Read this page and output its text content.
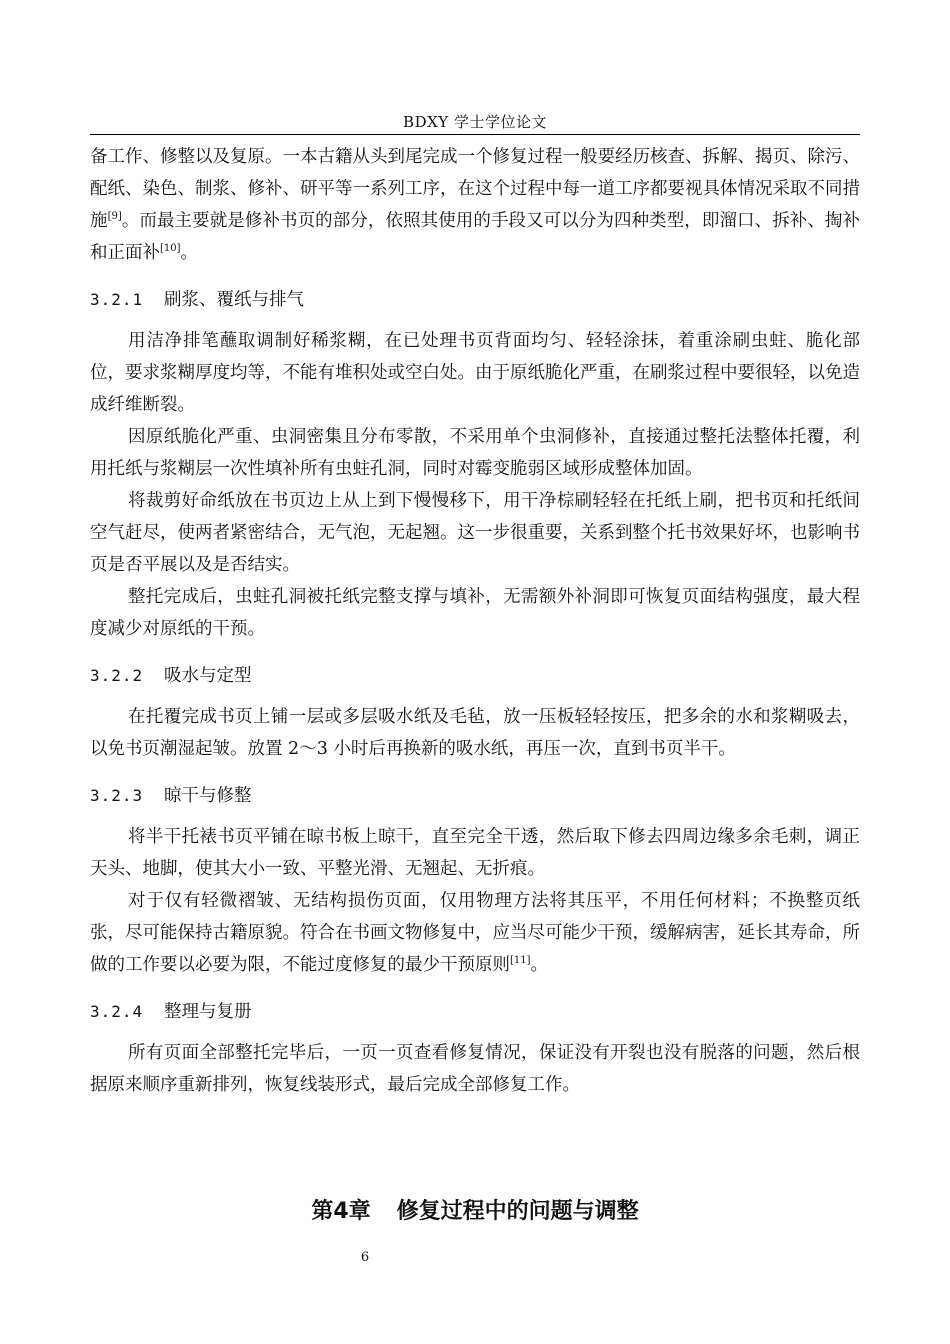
BDXY 学士学位论文

备工作、修整以及复原。一本古籍从头到尾完成一个修复过程一般要经历核查、拆解、揭页、除污、配纸、染色、制浆、修补、研平等一系列工序，在这个过程中每一道工序都要视具体情况采取不同措施[9]。而最主要就是修补书页的部分，依照其使用的手段又可以分为四种类型，即溜口、拆补、掏补和正面补[10]。

3.2.1	刷浆、覆纸与排气

用洁净排笔蘸取调制好稀浆糊，在已处理书页背面均匀、轻轻涂抹，着重涂刷虫蛀、脆化部位，要求浆糊厚度均等，不能有堆积处或空白处。由于原纸脆化严重，在刷浆过程中要很轻，以免造成纤维断裂。

因原纸脆化严重、虫洞密集且分布零散，不采用单个虫洞修补，直接通过整托法整体托覆，利用托纸与浆糊层一次性填补所有虫蛀孔洞，同时对霉变脆弱区域形成整体加固。

将裁剪好命纸放在书页边上从上到下慢慢移下，用干净棕刷轻轻在托纸上刷，把书页和托纸间空气赶尽，使两者紧密结合，无气泡，无起翘。这一步很重要，关系到整个托书效果好坏，也影响书页是否平展以及是否结实。

整托完成后，虫蛀孔洞被托纸完整支撑与填补，无需额外补洞即可恢复页面结构强度，最大程度减少对原纸的干预。

3.2.2	吸水与定型

在托覆完成书页上铺一层或多层吸水纸及毛毡，放一压板轻轻按压，把多余的水和浆糊吸去，以免书页潮湿起皱。放置 2～3 小时后再换新的吸水纸，再压一次，直到书页半干。

3.2.3	晾干与修整

将半干托裱书页平铺在晾书板上晾干，直至完全干透，然后取下修去四周边缘多余毛刺，调正天头、地脚，使其大小一致、平整光滑、无翘起、无折痕。

对于仅有轻微褶皱、无结构损伤页面，仅用物理方法将其压平，不用任何材料；不换整页纸张，尽可能保持古籍原貌。符合在书画文物修复中，应当尽可能少干预，缓解病害，延长其寿命，所做的工作要以必要为限，不能过度修复的最少干预原则[11]。

3.2.4	整理与复册

所有页面全部整托完毕后，一页一页查看修复情况，保证没有开裂也没有脱落的问题，然后根据原来顺序重新排列，恢复线装形式，最后完成全部修复工作。

第4章 修复过程中的问题与调整
6
